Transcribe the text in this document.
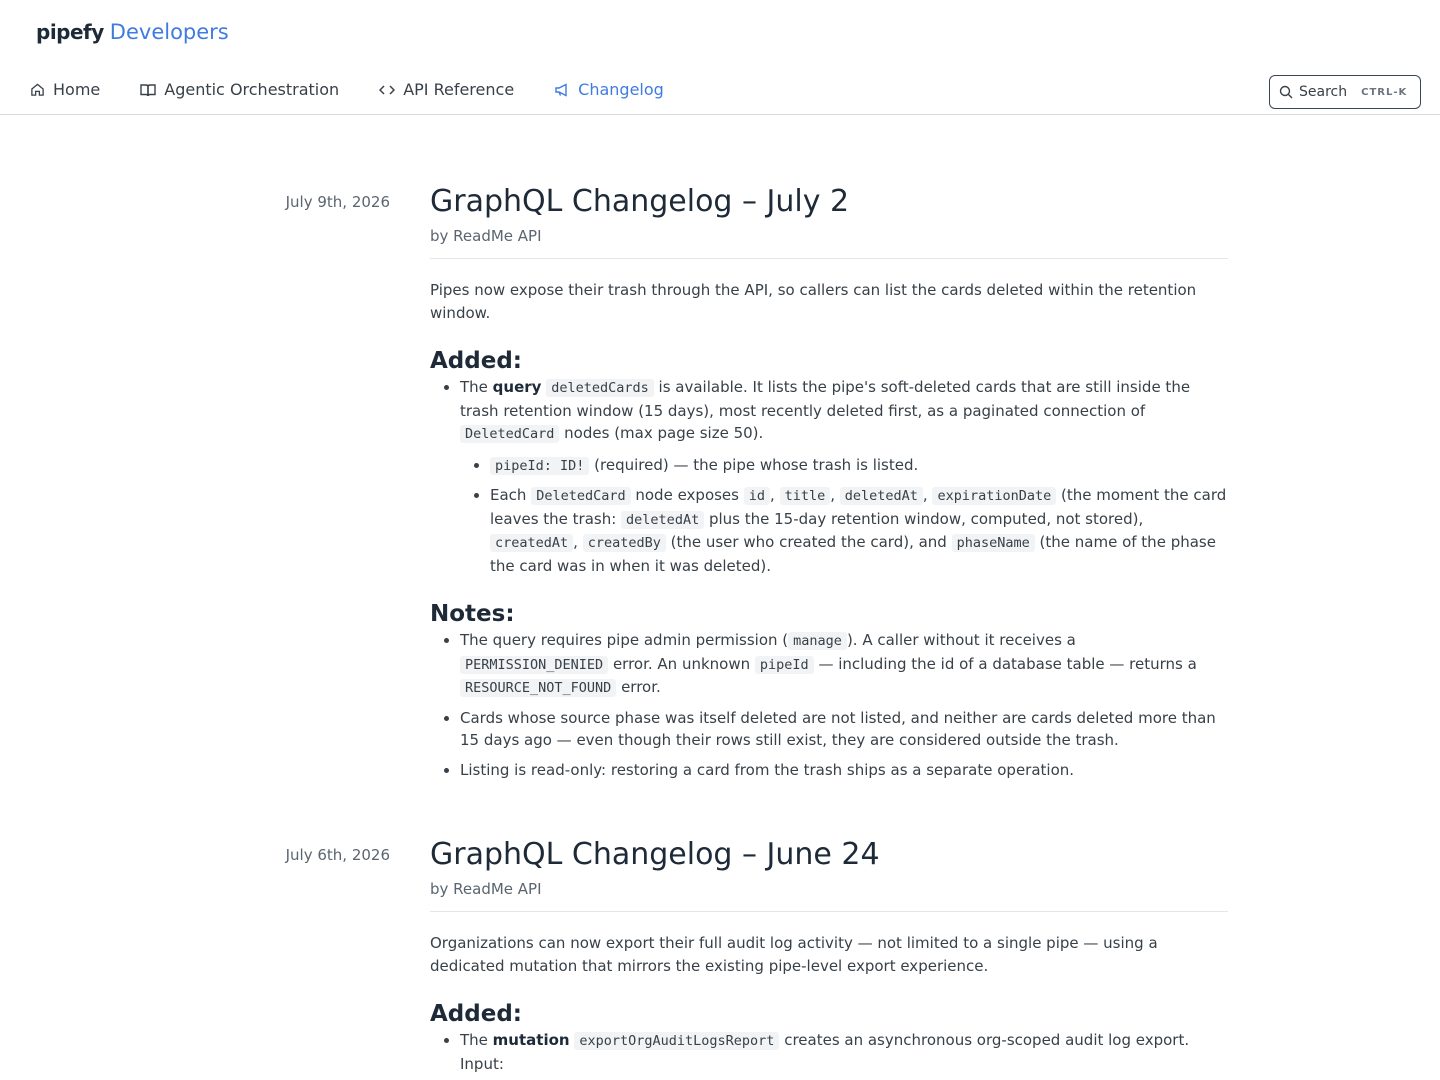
pipefy Developers
Home	Agentic Orchestration	API Reference	Changelog	Search CTRL-K
July 9th, 2026 GraphQL Changelog – July 2
by ReadMe API

Pipes now expose their trash through the API, so callers can list the cards deleted within the retention window.

Added:
• The query deletedCards is available. It lists the pipe's soft-deleted cards that are still inside the trash retention window (15 days), most recently deleted first, as a paginated connection of DeletedCard nodes (max page size 50).
• pipeId: ID! (required) — the pipe whose trash is listed.
• Each DeletedCard node exposes id , title , deletedAt , expirationDate (the moment the card leaves the trash: deletedAt plus the 15-day retention window, computed, not stored), createdAt , createdBy (the user who created the card), and phaseName (the name of the phase the card was in when it was deleted).
Notes:
• The query requires pipe admin permission ( manage ). A caller without it receives a PERMISSION_DENIED error. An unknown pipeId — including the id of a database table — returns a RESOURCE_NOT_FOUND error.
• Cards whose source phase was itself deleted are not listed, and neither are cards deleted more than 15 days ago — even though their rows still exist, they are considered outside the trash.
• Listing is read-only: restoring a card from the trash ships as a separate operation.
July 6th, 2026 GraphQL Changelog – June 24
by ReadMe API

Organizations can now export their full audit log activity — not limited to a single pipe — using a dedicated mutation that mirrors the existing pipe-level export experience.

Added:
• The mutation exportOrgAuditLogsReport creates an asynchronous org-scoped audit log export. Input:
